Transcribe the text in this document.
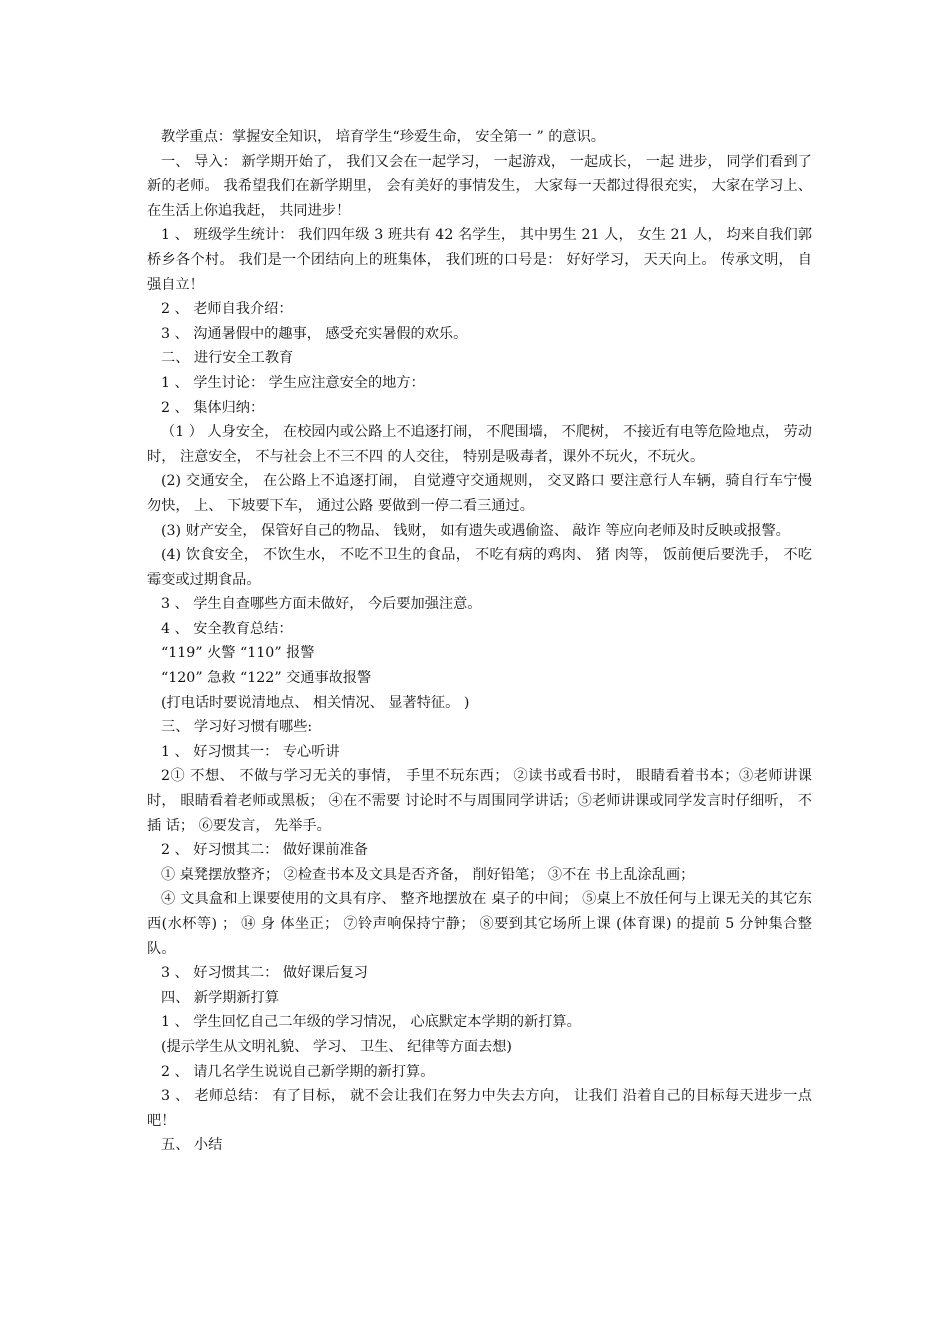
教学重点：掌握安全知识， 培育学生“珍爱生命， 安全第一 ” 的意识。

一、 导入： 新学期开始了， 我们又会在一起学习， 一起游戏， 一起成长， 一起 进步， 同学们看到了新的老师。 我希望我们在新学期里， 会有美好的事情发生， 大家每一天都过得很充实， 大家在学习上、 在生活上你追我赶， 共同进步！

1 、 班级学生统计： 我们四年级 3 班共有 42 名学生， 其中男生 21 人， 女生 21 人， 均来自我们郭桥乡各个村。 我们是一个团结向上的班集体， 我们班的口号是： 好好学习， 天天向上。 传承文明， 自强自立！

2 、 老师自我介绍：

3 、 沟通暑假中的趣事， 感受充实暑假的欢乐。

二、 进行安全工教育

1 、 学生讨论： 学生应注意安全的地方：

2 、 集体归纳：

（1 ） 人身安全， 在校园内或公路上不追逐打闹， 不爬围墙， 不爬树， 不接近有电等危险地点， 劳动时， 注意安全， 不与社会上不三不四 的人交往， 特别是吸毒者，课外不玩火，不玩火。

(2) 交通安全， 在公路上不追逐打闹， 自觉遵守交通规则， 交叉路口 要注意行人车辆，骑自行车宁慢勿快， 上、 下坡要下车， 通过公路 要做到一停二看三通过。

(3) 财产安全， 保管好自己的物品、 钱财， 如有遗失或遇偷盗、 敲诈 等应向老师及时反映或报警。

(4) 饮食安全， 不饮生水， 不吃不卫生的食品， 不吃有病的鸡肉、 猪 肉等， 饭前便后要洗手， 不吃霉变或过期食品。

3 、 学生自查哪些方面未做好， 今后要加强注意。

4 、 安全教育总结：

“119” 火警 “110” 报警

“120” 急救 “122” 交通事故报警

(打电话时要说清地点、 相关情况、 显著特征。 )

三、 学习好习惯有哪些:

1 、 好习惯其一： 专心听讲

2① 不想、 不做与学习无关的事情， 手里不玩东西； ②读书或看书时， 眼睛看着书本；③老师讲课时， 眼睛看着老师或黑板； ④在不需要 讨论时不与周围同学讲话；⑤老师讲课或同学发言时仔细听， 不插 话； ⑥要发言， 先举手。

2 、 好习惯其二： 做好课前准备

① 桌凳摆放整齐； ②检查书本及文具是否齐备， 削好铅笔； ③不在 书上乱涂乱画；

④ 文具盒和上课要使用的文具有序、 整齐地摆放在 桌子的中间； ⑤桌上不放任何与上课无关的其它东西(水杯等) ； ⑭ 身 体坐正； ⑦铃声响保持宁静； ⑧要到其它场所上课 (体育课) 的提前 5 分钟集合整队。

3 、 好习惯其二： 做好课后复习

四、 新学期新打算

1 、 学生回忆自己二年级的学习情况， 心底默定本学期的新打算。

(提示学生从文明礼貌、 学习、 卫生、 纪律等方面去想)

2 、 请几名学生说说自己新学期的新打算。

3 、 老师总结： 有了目标， 就不会让我们在努力中失去方向， 让我们 沿着自己的目标每天进步一点吧！

五、 小结
